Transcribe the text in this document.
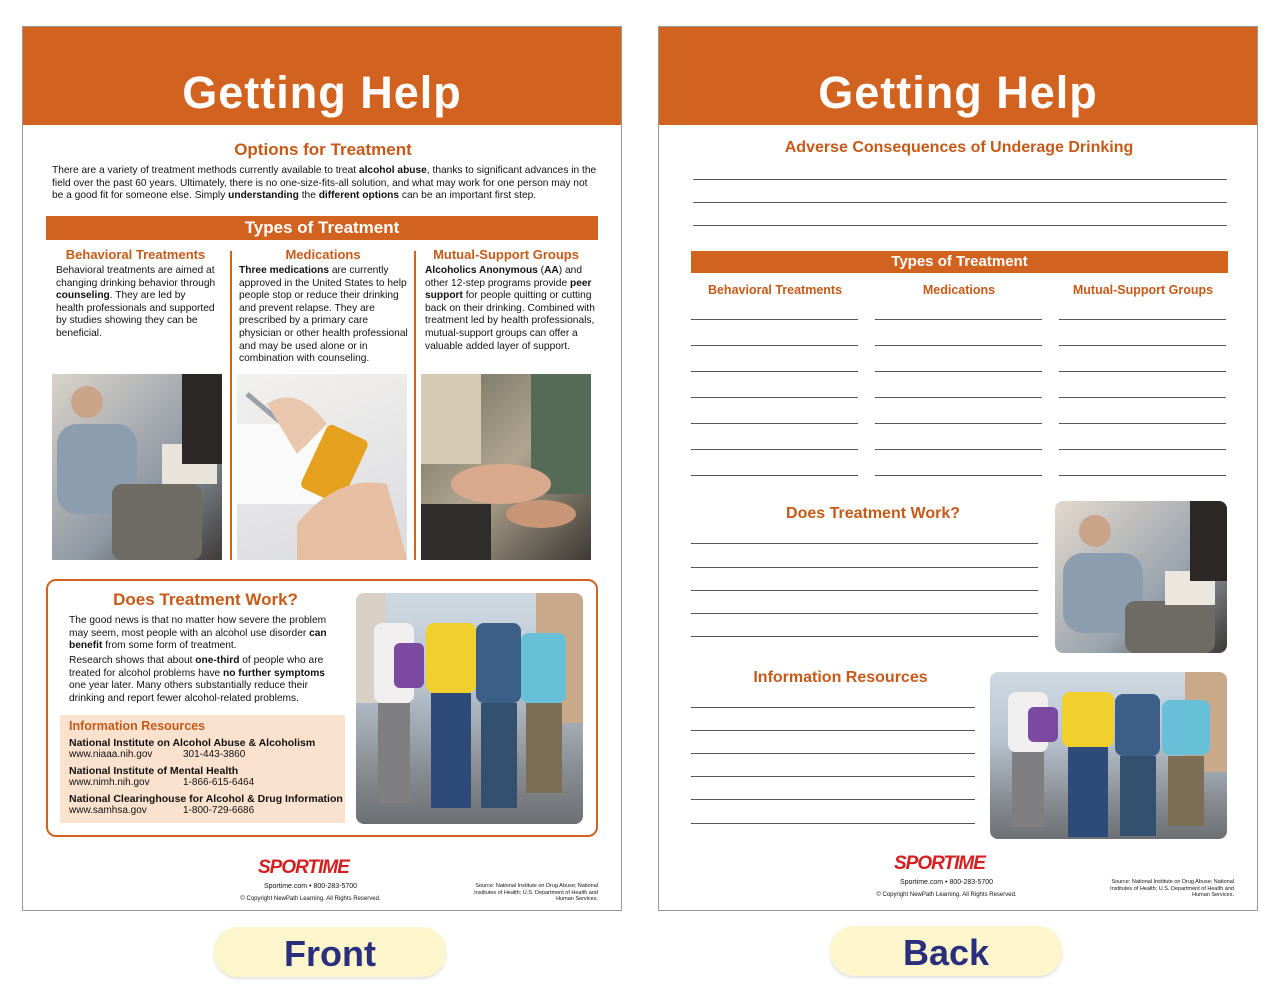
Getting Help
Options for Treatment

There are a variety of treatment methods currently available to treat alcohol abuse, thanks to significant advances in the field over the past 60 years. Ultimately, there is no one-size-fits-all solution, and what may work for one person may not be a good fit for someone else. Simply understanding the different options can be an important first step.

Types of Treatment
Behavioral Treatments

Behavioral treatments are aimed at changing drinking behavior through counseling. They are led by health professionals and supported by studies showing they can be beneficial.

Medications

Three medications are currently approved in the United States to help people stop or reduce their drinking and prevent relapse. They are prescribed by a primary care physician or other health professional and may be used alone or in combination with counseling.

Mutual-Support Groups

Alcoholics Anonymous (AA) and other 12-step programs provide peer support for people quitting or cutting back on their drinking. Combined with treatment led by health professionals, mutual-support groups can offer a valuable added layer of support.

Does Treatment Work?

The good news is that no matter how severe the problem may seem, most people with an alcohol use disorder can benefit from some form of treatment.

Research shows that about one-third of people who are treated for alcohol problems have no further symptoms one year later. Many others substantially reduce their drinking and report fewer alcohol-related problems.

Information Resources
National Institute on Alcohol Abuse & Alcoholism
www.niaaa.nih.gov	301-443-3860
National Institute of Mental Health
www.nimh.nih.gov	1-866-615-6464
National Clearinghouse for Alcohol & Drug Information
www.samhsa.gov	1-800-729-6686
SPORTIME
Sportime.com • 800-283-5700
© Copyright NewPath Learning. All Rights Reserved.
Source: National Institute on Drug Abuse; National Institutes of Health; U.S. Department of Health and Human Services.
Getting Help
Adverse Consequences of Underage Drinking
Types of Treatment
Behavioral Treatments	Medications	Mutual-Support Groups
Does Treatment Work?
Information Resources
SPORTIME
Sportime.com • 800-283-5700
© Copyright NewPath Learning. All Rights Reserved.
Source: National Institute on Drug Abuse; National Institutes of Health; U.S. Department of Health and Human Services.
Front	Back
